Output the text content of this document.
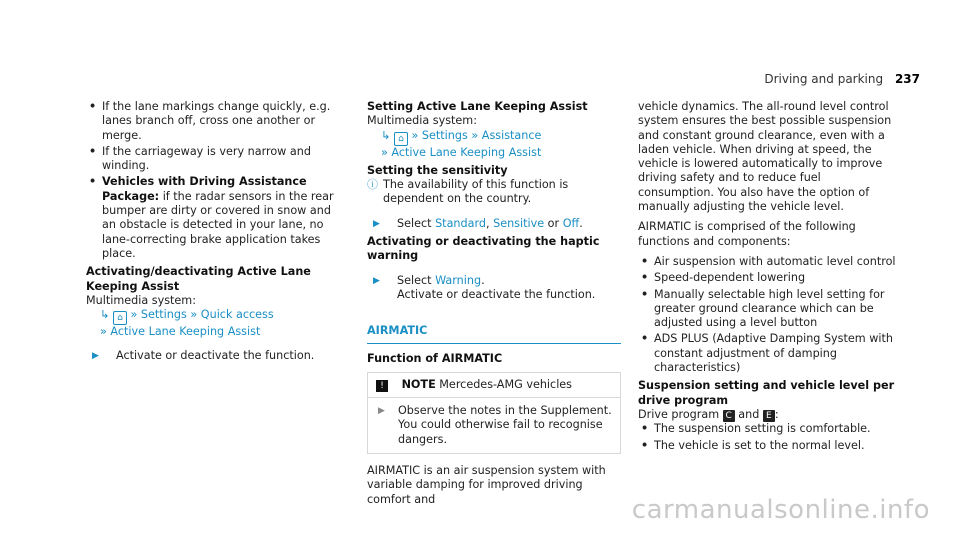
Driving and parking 237
• If the lane markings change quickly, e.g. lanes branch off, cross one another or merge.
• If the carriageway is very narrow and winding.
• Vehicles with Driving Assistance Package: if the radar sensors in the rear bumper are dirty or covered in snow and an obstacle is detected in your lane, no lane-correcting brake application takes place.
Activating/deactivating Active Lane Keeping Assist
Multimedia system:
↳ ⌂ » Settings » Quick access
» Active Lane Keeping Assist
▶ Activate or deactivate the function.
Setting Active Lane Keeping Assist
Multimedia system:
↳ ⌂ » Settings » Assistance
» Active Lane Keeping Assist
Setting the sensitivity
ⓘ The availability of this function is dependent on the country.
▶ Select Standard, Sensitive or Off.
Activating or deactivating the haptic warning
▶ Select Warning.
Activate or deactivate the function.
AIRMATIC
Function of AIRMATIC
! NOTE Mercedes-AMG vehicles
▶ Observe the notes in the Supplement. You could otherwise fail to recognise dangers.
AIRMATIC is an air suspension system with variable damping for improved driving comfort and
vehicle dynamics. The all-round level control system ensures the best possible suspension and constant ground clearance, even with a laden vehicle. When driving at speed, the vehicle is lowered automatically to improve driving safety and to reduce fuel consumption. You also have the option of manually adjusting the vehicle level.
AIRMATIC is comprised of the following functions and components:
• Air suspension with automatic level control
• Speed-dependent lowering
• Manually selectable high level setting for greater ground clearance which can be adjusted using a level button
• ADS PLUS (Adaptive Damping System with constant adjustment of damping characteristics)
Suspension setting and vehicle level per drive program
Drive program C and E :
• The suspension setting is comfortable.
• The vehicle is set to the normal level.
carmanualsonline.info
